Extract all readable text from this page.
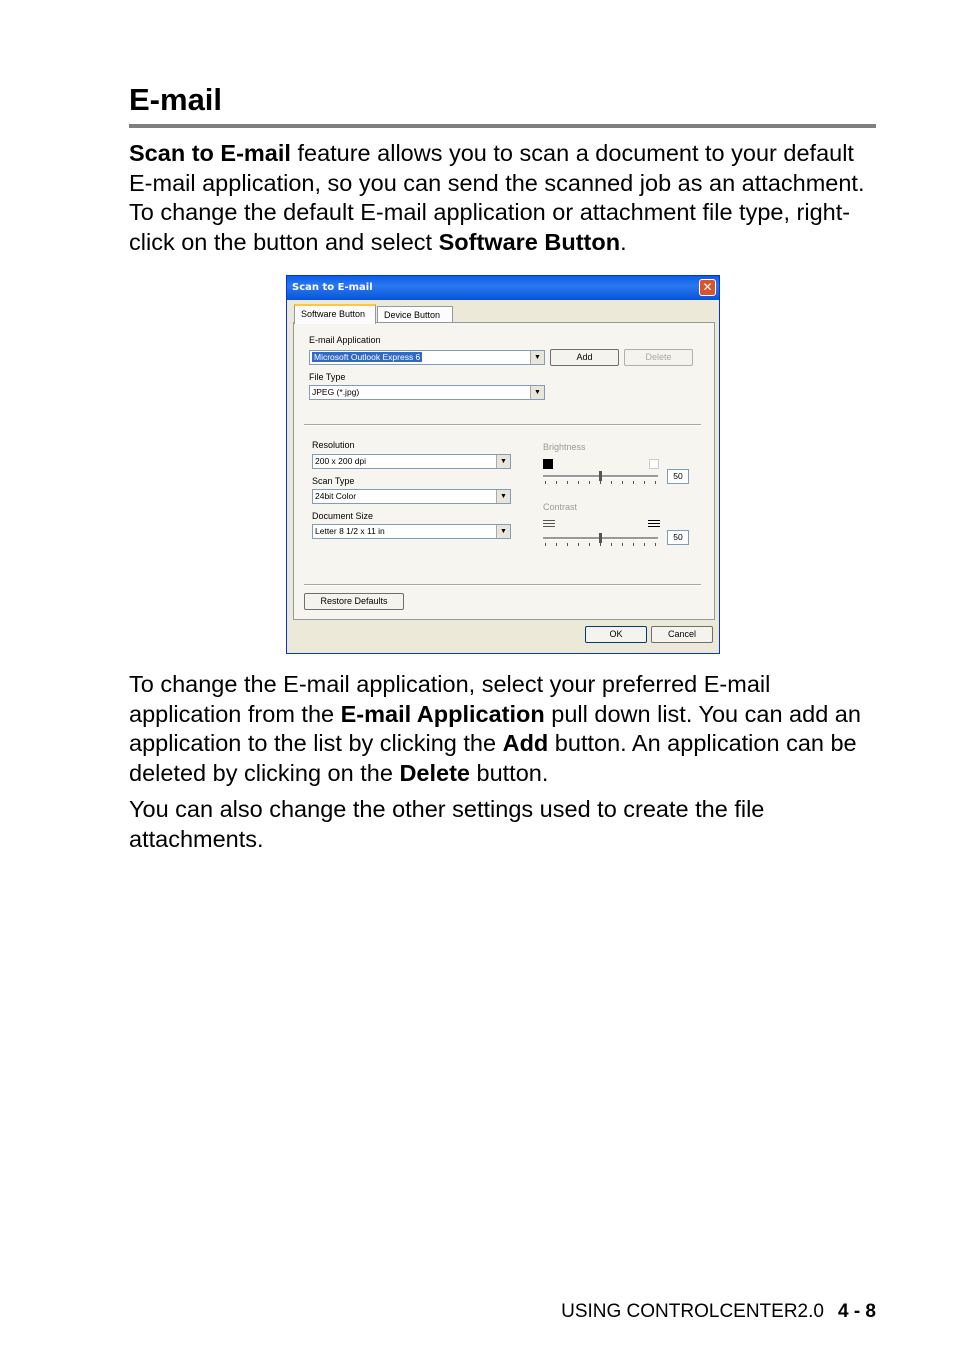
E-mail

Scan to E-mail feature allows you to scan a document to your default E-mail application, so you can send the scanned job as an attachment. To change the default E-mail application or attachment file type, right-click on the button and select Software Button.

Scan to E-mail	✕
Software Button	Device Button
E-mail Application
Microsoft Outlook Express 6	▼	Add	Delete
File Type
JPEG (*.jpg)	▼
Resolution
200 x 200 dpi	▼
Scan Type
24bit Color	▼
Document Size
Letter 8 1/2 x 11 in	▼
Brightness
50
Contrast
50
Restore Defaults
OK	Cancel

To change the E-mail application, select your preferred E-mail application from the E-mail Application pull down list. You can add an application to the list by clicking the Add button. An application can be deleted by clicking on the Delete button.

You can also change the other settings used to create the file attachments.

USING CONTROLCENTER2.0 4 - 8
